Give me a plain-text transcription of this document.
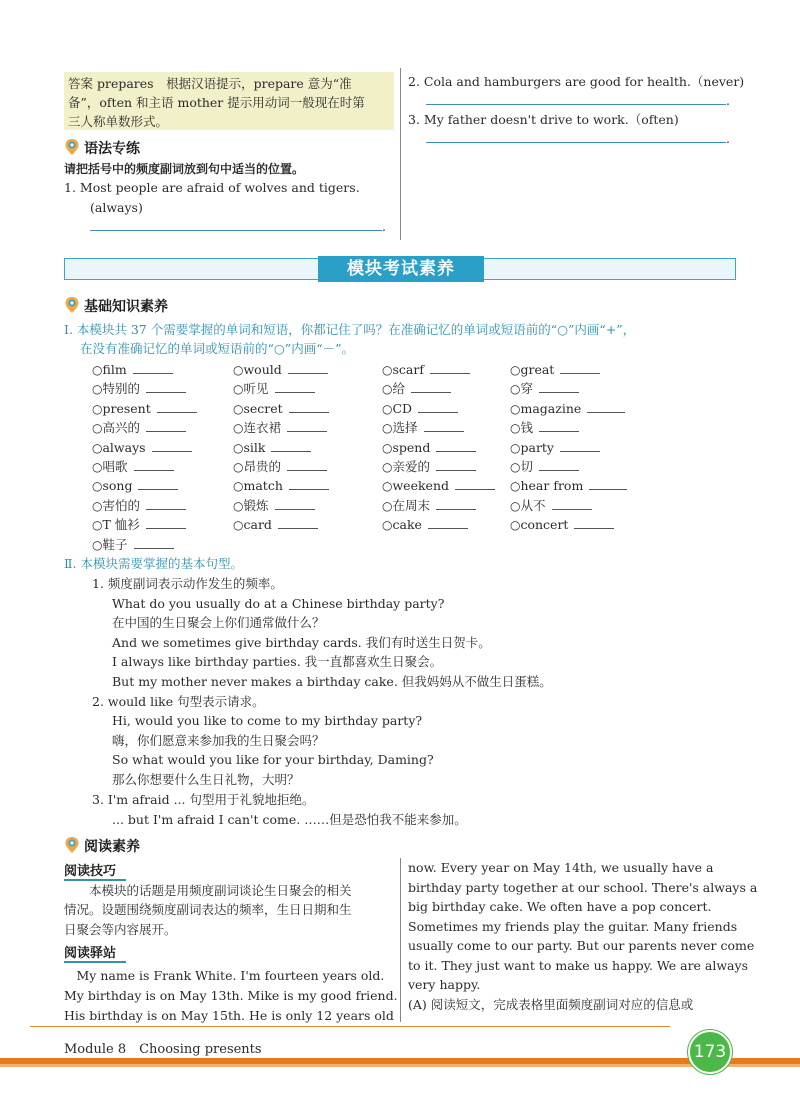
答案 prepares　根据汉语提示，prepare 意为“准
备”，often 和主语 mother 提示用动词一般现在时第
三人称单数形式。
语法专练
请把括号中的频度副词放到句中适当的位置。
1. Most people are afraid of wolves and tigers.
(always)
.
2. Cola and hamburgers are good for health.（never)
.
3. My father doesn't drive to work.（often)
.
模块考试素养
基础知识素养
Ⅰ. 本模块共 37 个需要掌握的单词和短语，你都记住了吗？在准确记忆的单词或短语前的“○”内画“+”，
在没有准确记忆的单词或短语前的“○”内画“－”。
○film	○would	○scarf	○great
○特别的	○听见	○给	○穿
○present	○secret	○CD	○magazine
○高兴的	○连衣裙	○选择	○钱
○always	○silk	○spend	○party
○唱歌	○昂贵的	○亲爱的	○切
○song	○match	○weekend	○hear from
○害怕的	○锻炼	○在周末	○从不
○T 恤衫	○card	○cake	○concert
○鞋子
Ⅱ. 本模块需要掌握的基本句型。
1. 频度副词表示动作发生的频率。
What do you usually do at a Chinese birthday party?
在中国的生日聚会上你们通常做什么？
And we sometimes give birthday cards. 我们有时送生日贺卡。
I always like birthday parties. 我一直都喜欢生日聚会。
But my mother never makes a birthday cake. 但我妈妈从不做生日蛋糕。
2. would like 句型表示请求。
Hi, would you like to come to my birthday party?
嗨，你们愿意来参加我的生日聚会吗？
So what would you like for your birthday, Daming?
那么你想要什么生日礼物，大明？
3. I'm afraid ... 句型用于礼貌地拒绝。
... but I'm afraid I can't come. ……但是恐怕我不能来参加。
阅读素养
阅读技巧
　　本模块的话题是用频度副词谈论生日聚会的相关
情况。设题围绕频度副词表达的频率，生日日期和生
日聚会等内容展开。
阅读驿站
　My name is Frank White. I'm fourteen years old.
My birthday is on May 13th. Mike is my good friend.
His birthday is on May 15th. He is only 12 years old
now. Every year on May 14th, we usually have a
birthday party together at our school. There's always a
big birthday cake. We often have a pop concert.
Sometimes my friends play the guitar. Many friends
usually come to our party. But our parents never come
to it. They just want to make us happy. We are always
very happy.
(A) 阅读短文，完成表格里面频度副词对应的信息或
Module 8　Choosing presents	173
